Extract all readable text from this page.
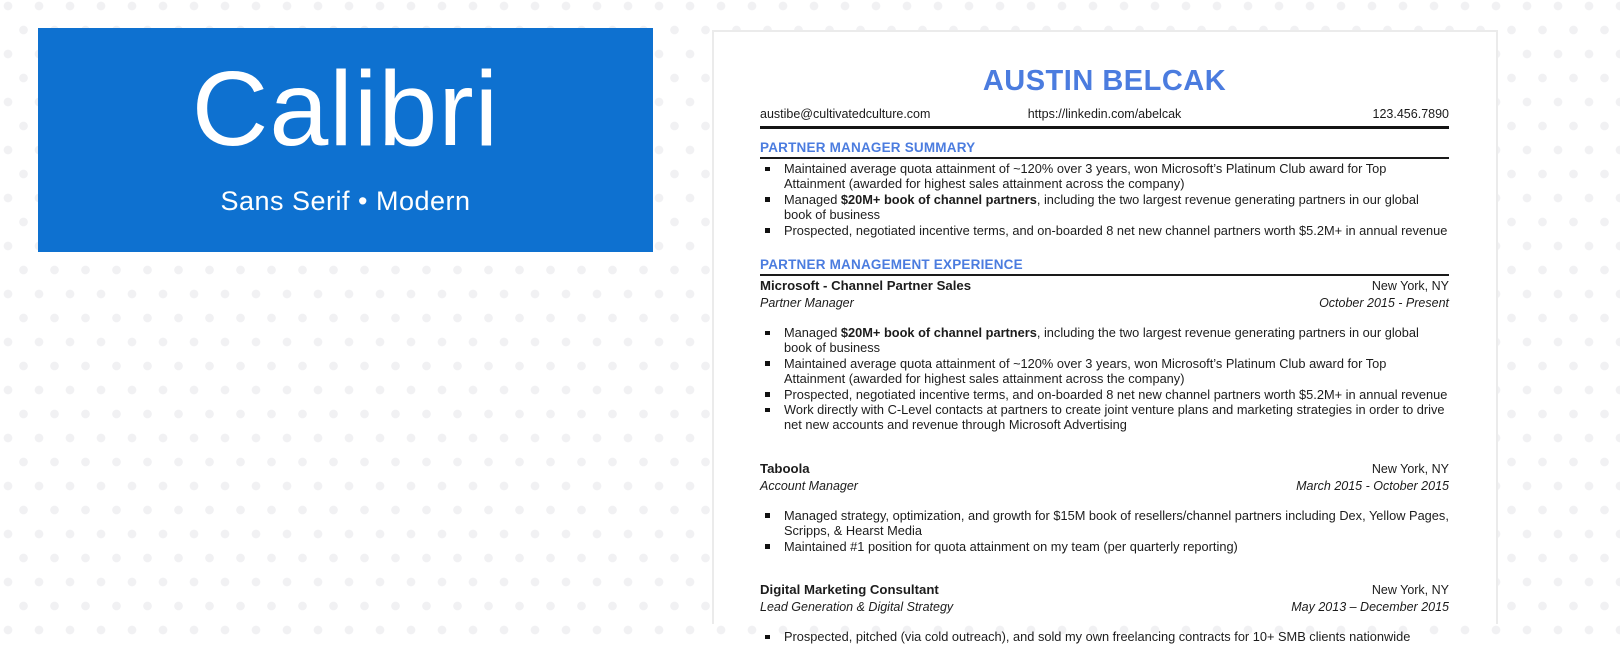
Calibri
Sans Serif • Modern
AUSTIN BELCAK
austibe@cultivatedculture.com	https://linkedin.com/abelcak	123.456.7890
PARTNER MANAGER SUMMARY
Maintained average quota attainment of ~120% over 3 years, won Microsoft’s Platinum Club award for Top Attainment (awarded for highest sales attainment across the company)
Managed $20M+ book of channel partners, including the two largest revenue generating partners in our global book of business
Prospected, negotiated incentive terms, and on-boarded 8 net new channel partners worth $5.2M+ in annual revenue
PARTNER MANAGEMENT EXPERIENCE
Microsoft - Channel Partner Sales	New York, NY
Partner Manager	October 2015 - Present
Managed $20M+ book of channel partners, including the two largest revenue generating partners in our global book of business
Maintained average quota attainment of ~120% over 3 years, won Microsoft’s Platinum Club award for Top Attainment (awarded for highest sales attainment across the company)
Prospected, negotiated incentive terms, and on-boarded 8 net new channel partners worth $5.2M+ in annual revenue
Work directly with C-Level contacts at partners to create joint venture plans and marketing strategies in order to drive net new accounts and revenue through Microsoft Advertising
Taboola	New York, NY
Account Manager	March 2015 - October 2015
Managed strategy, optimization, and growth for $15M book of resellers/channel partners including Dex, Yellow Pages, Scripps, & Hearst Media
Maintained #1 position for quota attainment on my team (per quarterly reporting)
Digital Marketing Consultant	New York, NY
Lead Generation & Digital Strategy	May 2013 – December 2015
Prospected, pitched (via cold outreach), and sold my own freelancing contracts for 10+ SMB clients nationwide
